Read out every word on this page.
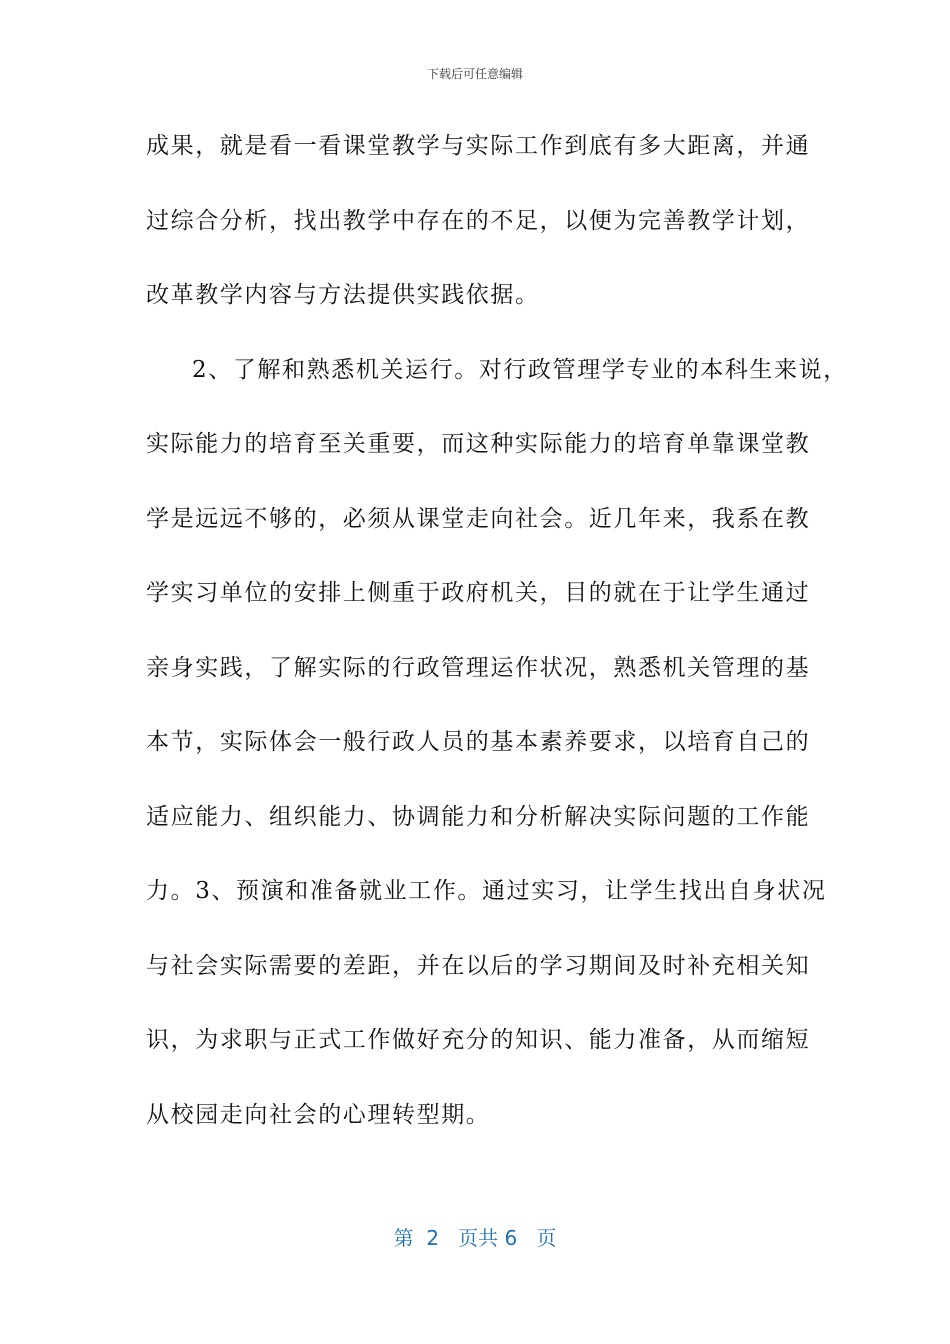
下载后可任意编辑
成果，就是看一看课堂教学与实际工作到底有多大距离，并通
过综合分析，找出教学中存在的不足，以便为完善教学计划，
改革教学内容与方法提供实践依据。
2、了解和熟悉机关运行。对行政管理学专业的本科生来说，
实际能力的培育至关重要，而这种实际能力的培育单靠课堂教
学是远远不够的，必须从课堂走向社会。近几年来，我系在教
学实习单位的安排上侧重于政府机关，目的就在于让学生通过
亲身实践，了解实际的行政管理运作状况，熟悉机关管理的基
本节，实际体会一般行政人员的基本素养要求，以培育自己的
适应能力、组织能力、协调能力和分析解决实际问题的工作能
力。3、预演和准备就业工作。通过实习，让学生找出自身状况
与社会实际需要的差距，并在以后的学习期间及时补充相关知
识，为求职与正式工作做好充分的知识、能力准备，从而缩短
从校园走向社会的心理转型期。
第  2   页共 6   页
